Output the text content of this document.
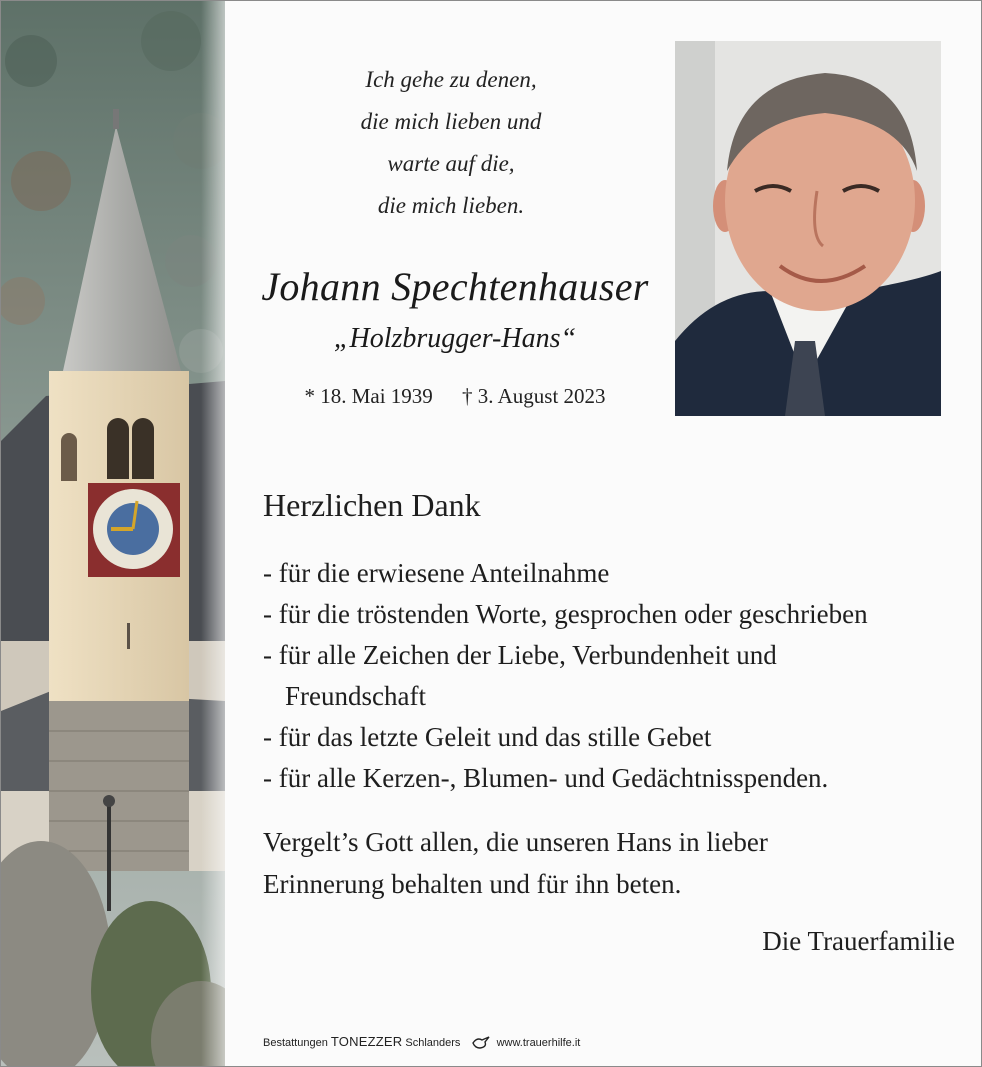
Ich gehe zu denen,
die mich lieben und
warte auf die,
die mich lieben.
Johann Spechtenhauser
„Holzbrugger-Hans“
* 18. Mai 1939 † 3. August 2023
Herzlichen Dank
- für die erwiesene Anteilnahme
- für die tröstenden Worte, gesprochen oder geschrieben
- für alle Zeichen der Liebe, Verbundenheit und
Freundschaft
- für das letzte Geleit und das stille Gebet
- für alle Kerzen-, Blumen- und Gedächtnisspenden.
Vergelt’s Gott allen, die unseren Hans in lieber
Erinnerung behalten und für ihn beten.
Die Trauerfamilie
Bestattungen TONEZZER Schlanders	www.trauerhilfe.it
